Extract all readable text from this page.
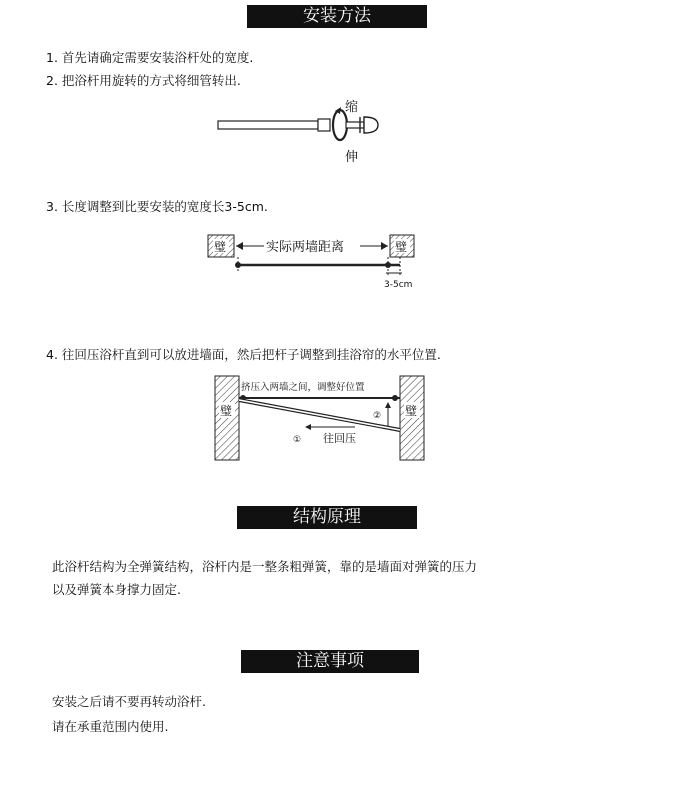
安装方法
1. 首先请确定需要安装浴杆处的宽度.
2. 把浴杆用旋转的方式将细管转出.
缩
伸
3. 长度调整到比要安装的宽度长3-5cm.
璧	璧
实际两墙距离
3-5cm
4. 往回压浴杆直到可以放进墙面，然后把杆子调整到挂浴帘的水平位置.
璧	璧
挤压入两墙之间，调整好位置
②
① 往回压
结构原理
此浴杆结构为全弹簧结构，浴杆内是一整条粗弹簧，靠的是墙面对弹簧的压力
以及弹簧本身撑力固定.
注意事项
安装之后请不要再转动浴杆.
请在承重范围内使用.
